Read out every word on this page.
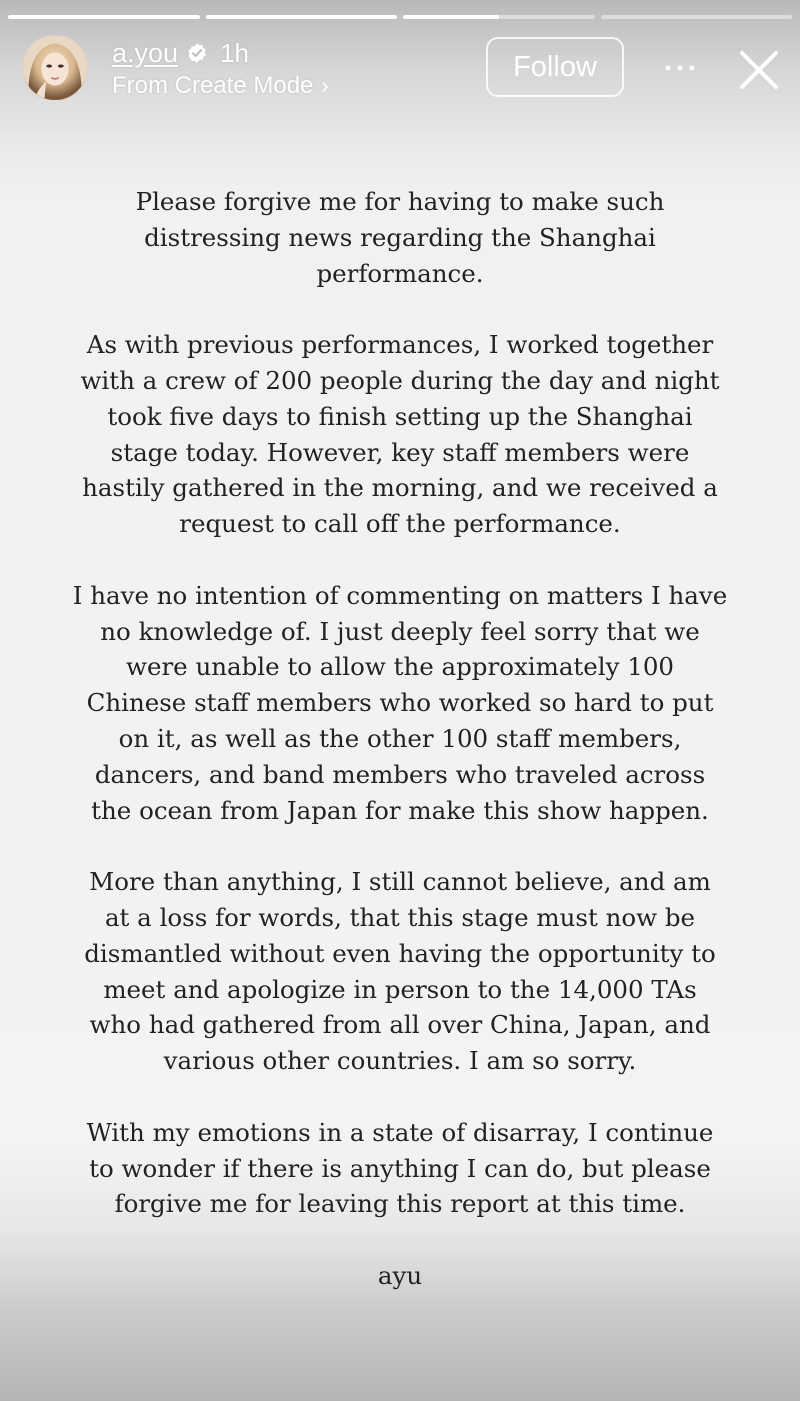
a.you 1h
From Create Mode ›
Follow

Please forgive me for having to make such
distressing news regarding the Shanghai
performance.

As with previous performances, I worked together
with a crew of 200 people during the day and night
took five days to finish setting up the Shanghai
stage today. However, key staff members were
hastily gathered in the morning, and we received a
request to call off the performance.

I have no intention of commenting on matters I have
no knowledge of. I just deeply feel sorry that we
were unable to allow the approximately 100
Chinese staff members who worked so hard to put
on it, as well as the other 100 staff members,
dancers, and band members who traveled across
the ocean from Japan for make this show happen.

More than anything, I still cannot believe, and am
at a loss for words, that this stage must now be
dismantled without even having the opportunity to
meet and apologize in person to the 14,000 TAs
who had gathered from all over China, Japan, and
various other countries. I am so sorry.

With my emotions in a state of disarray, I continue
to wonder if there is anything I can do, but please
forgive me for leaving this report at this time.

ayu
